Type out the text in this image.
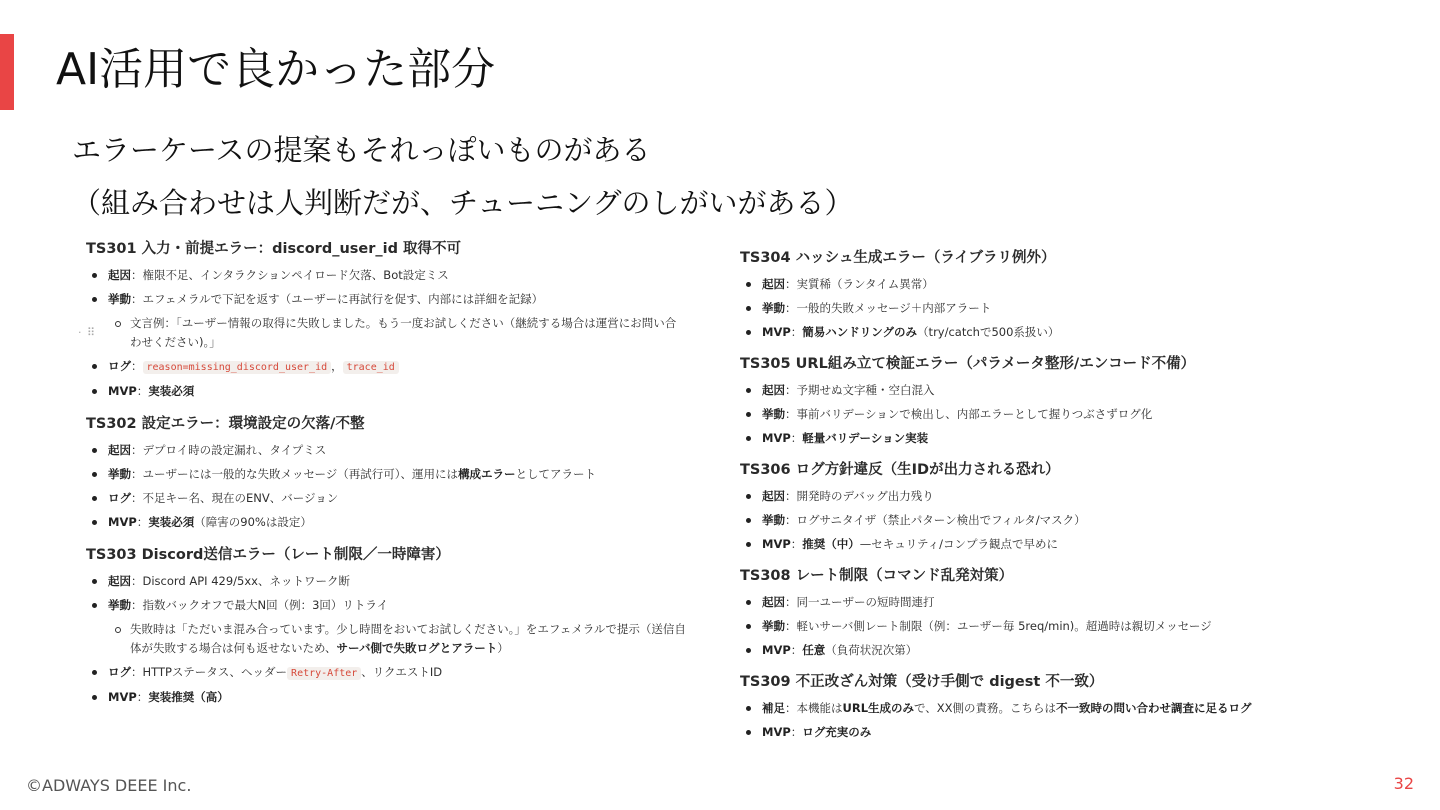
AI活用で良かった部分
エラーケースの提案もそれっぽいものがある
（組み合わせは人判断だが、チューニングのしがいがある）
· ⠿
TS301 入力・前提エラー：discord_user_id 取得不可
起因：権限不足、インタラクションペイロード欠落、Bot設定ミス
挙動：エフェメラルで下記を返す（ユーザーに再試行を促す、内部には詳細を記録）
文言例：「ユーザー情報の取得に失敗しました。もう一度お試しください（継続する場合は運営にお問い合わせください)。」
ログ： reason=missing_discord_user_id ， trace_id
MVP：実装必須
TS302 設定エラー：環境設定の欠落/不整
起因：デプロイ時の設定漏れ、タイプミス
挙動：ユーザーには一般的な失敗メッセージ（再試行可）、運用には構成エラーとしてアラート
ログ：不足キー名、現在のENV、バージョン
MVP：実装必須（障害の90%は設定）
TS303 Discord送信エラー（レート制限／一時障害）
起因：Discord API 429/5xx、ネットワーク断
挙動：指数バックオフで最大N回（例：3回）リトライ
失敗時は「ただいま混み合っています。少し時間をおいてお試しください。」をエフェメラルで提示（送信自体が失敗する場合は何も返せないため、サーバ側で失敗ログとアラート）
ログ：HTTPステータス、ヘッダー Retry-After 、リクエストID
MVP：実装推奨（高）
TS304 ハッシュ生成エラー（ライブラリ例外）
起因：実質稀（ランタイム異常）
挙動：一般的失敗メッセージ＋内部アラート
MVP：簡易ハンドリングのみ（try/catchで500系扱い）
TS305 URL組み立て検証エラー（パラメータ整形/エンコード不備）
起因：予期せぬ文字種・空白混入
挙動：事前バリデーションで検出し、内部エラーとして握りつぶさずログ化
MVP：軽量バリデーション実装
TS306 ログ方針違反（生IDが出力される恐れ）
起因：開発時のデバッグ出力残り
挙動：ログサニタイザ（禁止パターン検出でフィルタ/マスク）
MVP：推奨（中）—セキュリティ/コンプラ観点で早めに
TS308 レート制限（コマンド乱発対策）
起因：同一ユーザーの短時間連打
挙動：軽いサーバ側レート制限（例：ユーザー毎 5req/min)。超過時は親切メッセージ
MVP：任意（負荷状況次第）
TS309 不正改ざん対策（受け手側で digest 不一致）
補足：本機能はURL生成のみで、XX側の責務。こちらは不一致時の問い合わせ調査に足るログ
MVP：ログ充実のみ
©ADWAYS DEEE Inc.	32
